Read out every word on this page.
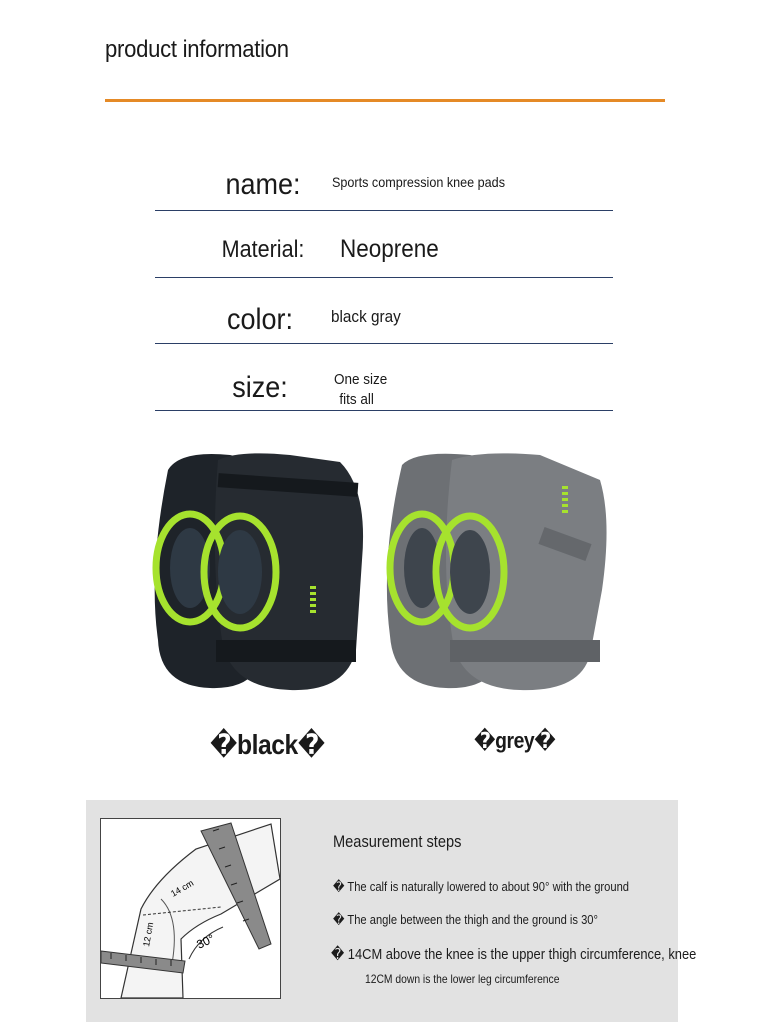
product information
name:	Sports compression knee pads
Material:	Neoprene
color:	black gray
size:	One size
fits all
�black�	�grey�
14 cm
12 cm	30°
Measurement steps
� The calf is naturally lowered to about 90° with the ground
� The angle between the thigh and the ground is 30°
� 14CM above the knee is the upper thigh circumference, knee
12CM down is the lower leg circumference
